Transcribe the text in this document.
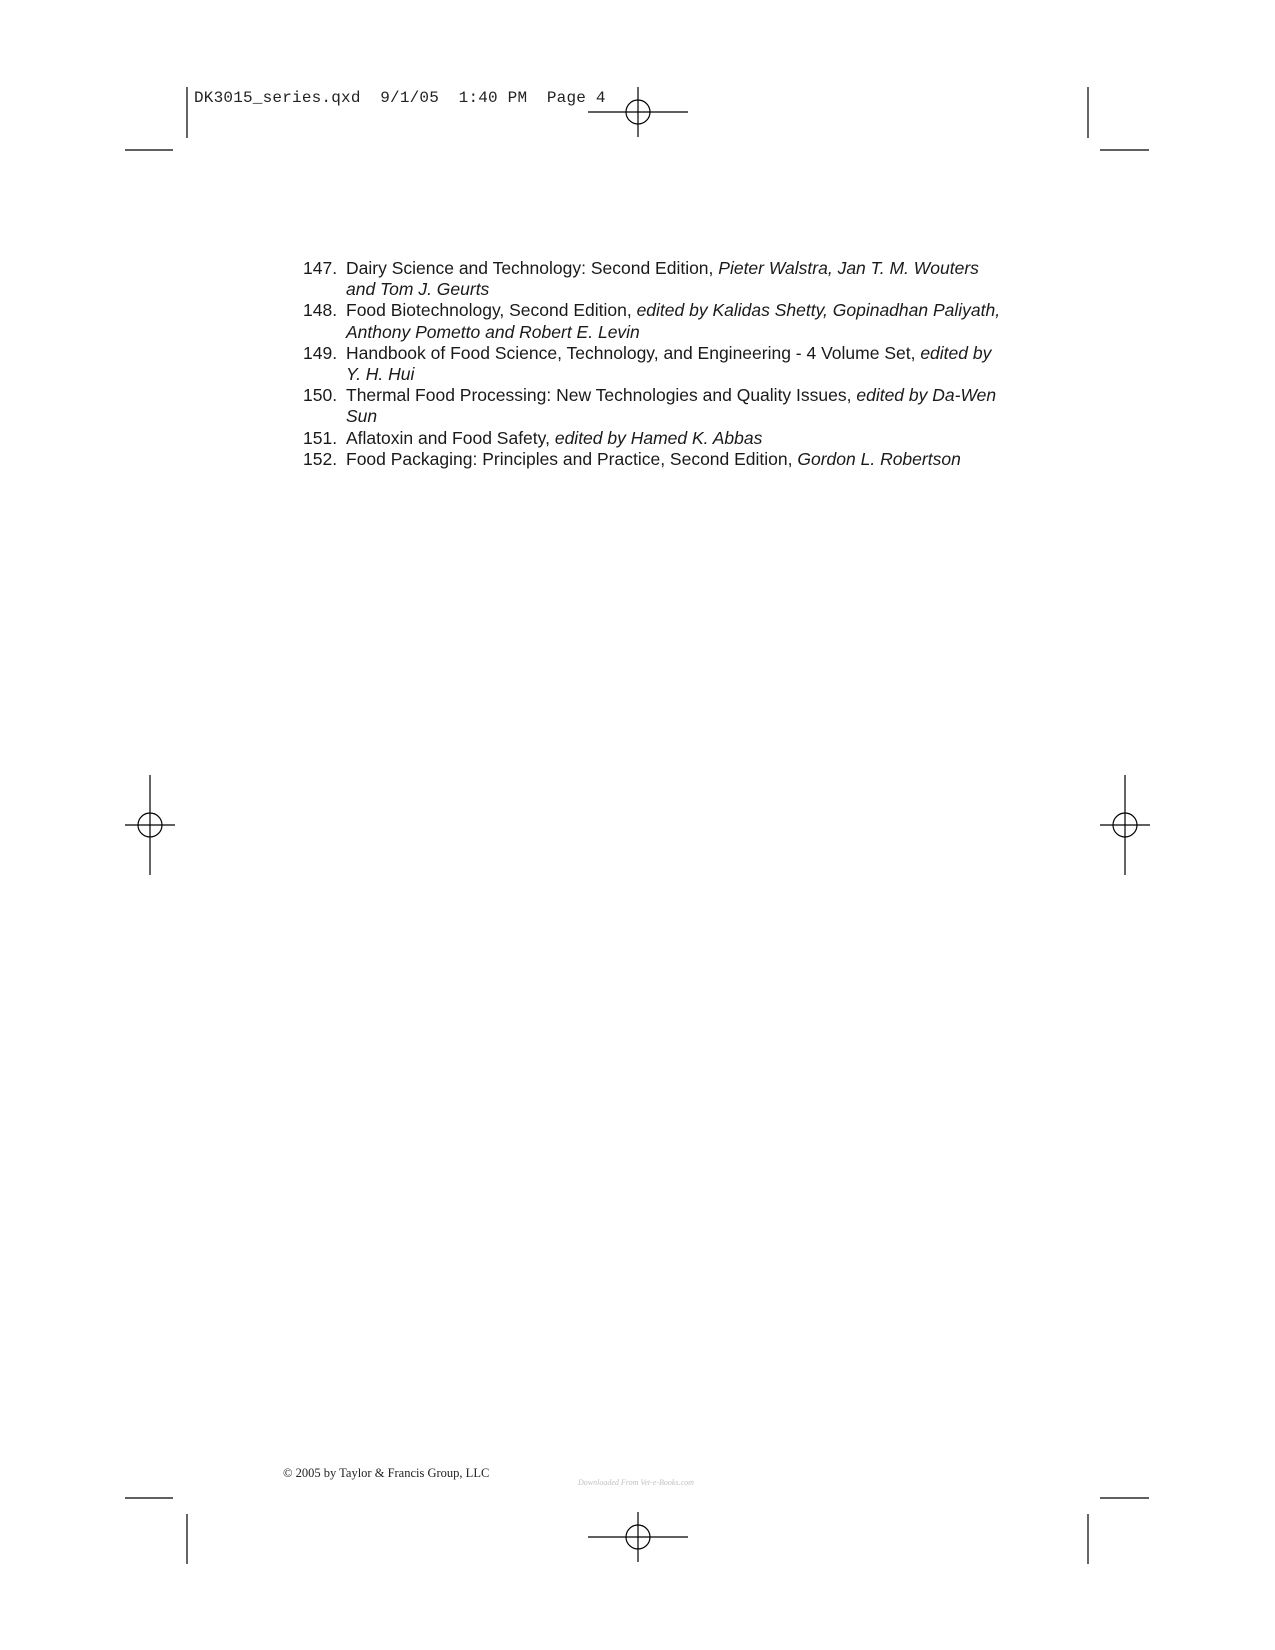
DK3015_series.qxd  9/1/05  1:40 PM  Page 4
147. Dairy Science and Technology: Second Edition, Pieter Walstra, Jan T. M. Wouters and Tom J. Geurts
148. Food Biotechnology, Second Edition, edited by Kalidas Shetty, Gopinadhan Paliyath, Anthony Pometto and Robert E. Levin
149. Handbook of Food Science, Technology, and Engineering - 4 Volume Set, edited by Y. H. Hui
150. Thermal Food Processing: New Technologies and Quality Issues, edited by Da-Wen Sun
151. Aflatoxin and Food Safety, edited by Hamed K. Abbas
152. Food Packaging: Principles and Practice, Second Edition, Gordon L. Robertson
© 2005 by Taylor & Francis Group, LLC
Downloaded From Vet-e-Books.com
